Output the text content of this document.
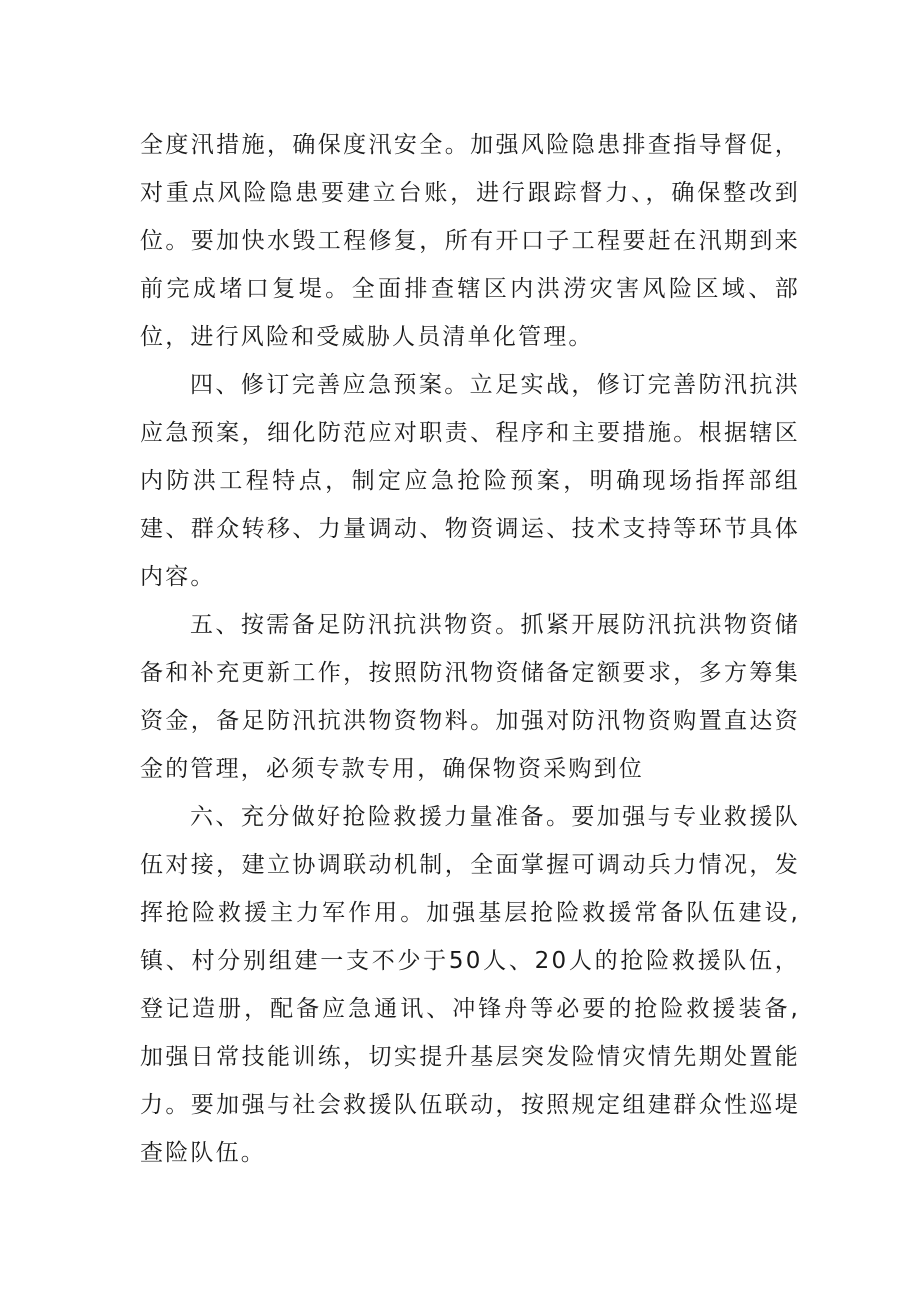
全度汛措施，确保度汛安全。加强风险隐患排查指导督促，对重点风险隐患要建立台账，进行跟踪督力、，确保整改到位。要加快水毁工程修复，所有开口子工程要赶在汛期到来前完成堵口复堤。全面排查辖区内洪涝灾害风险区域、部位，进行风险和受威胁人员清单化管理。

四、修订完善应急预案。立足实战，修订完善防汛抗洪应急预案，细化防范应对职责、程序和主要措施。根据辖区内防洪工程特点，制定应急抢险预案，明确现场指挥部组建、群众转移、力量调动、物资调运、技术支持等环节具体内容。

五、按需备足防汛抗洪物资。抓紧开展防汛抗洪物资储备和补充更新工作，按照防汛物资储备定额要求，多方筹集资金，备足防汛抗洪物资物料。加强对防汛物资购置直达资金的管理，必须专款专用，确保物资采购到位

六、充分做好抢险救援力量准备。要加强与专业救援队伍对接，建立协调联动机制，全面掌握可调动兵力情况，发挥抢险救援主力军作用。加强基层抢险救援常备队伍建设,镇、村分别组建一支不少于50人、20人的抢险救援队伍，登记造册，配备应急通讯、冲锋舟等必要的抢险救援装备,加强日常技能训练，切实提升基层突发险情灾情先期处置能力。要加强与社会救援队伍联动，按照规定组建群众性巡堤查险队伍。
